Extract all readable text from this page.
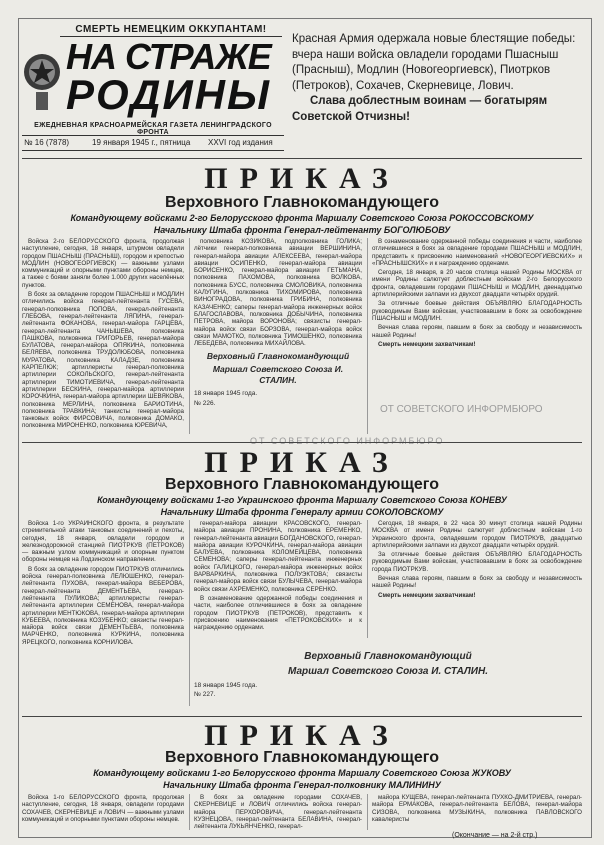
СМЕРТЬ НЕМЕЦКИМ ОККУПАНТАМ!
НА СТРАЖЕ
РОДИНЫ
ЕЖЕДНЕВНАЯ КРАСНОАРМЕЙСКАЯ ГАЗЕТА ЛЕНИНГРАДСКОГО ФРОНТА
№ 16 (7878)	19 января 1945 г., пятница XXVI год издания

Красная Армия одержала новые блестящие победы: вчера наши войска овладели городами Пшасныш (Прасныш), Модлин (Новогеоргиевск), Пиотрков (Петроков), Сохачев, Скерневице, Лович.

Слава доблестным воинам — богатырям Советской Отчизны!

ПРИКАЗ
Верховного Главнокомандующего
Командующему войсками 2-го Белорусского фронта Маршалу Советского Союза РОКОССОВСКОМУ
Начальнику Штаба фронта Генерал-лейтенанту БОГОЛЮБОВУ

Войска 2-го БЕЛОРУССКОГО фронта, продолжая наступление, сегодня, 18 января, штурмом овладели городом ПШАСНЫШ (ПРАСНЫШ), городом и крепостью МОДЛИН (НОВОГЕОРГИЕВСК) — важными узлами коммуникаций и опорными пунктами обороны немцев, а также с боями заняли более 1.000 других населённых пунктов.

В боях за овладение городом ПШАСНЫШ и МОДЛИН отличились войска генерал-лейтенанта ГУСЕВА, генерал-полковника ПОПОВА, генерал-лейтенанта ГЛЕБОВА, генерал-лейтенанта ЛЯПИНА, генерал-лейтенанта ФОКАНОВА, генерал-майора ГАРЦЕВА, генерал-лейтенанта ЧАНЫШЕВА, полковника ПАШКОВА, полковника ГРИГОРЬЕВ, генерал-майора БУЛАТОВА, генерал-майора ОПЯКИНА, полковника БЕЛЯЕВА, полковника ТРУДОЛЮБОВА, полковника МУРАТОВА, полковника КАЛАДЗЕ, полковника КАРПЕЛЮК; артиллеристы генерал-полковника артиллерии СОКОЛЬСКОГО, генерал-лейтенанта артиллерии ТИМОТИЕВИЧА, генерал-лейтенанта артиллерии БЕСКИНА, генерал-майора артиллерии КОРОЧКИНА, генерал-майора артиллерии ШЕВЯКОВА, полковника МЕРЛИНА, полковника БАРИОТИНА, полковника ТРАВКИНА; танкисты генерал-майора танковых войск ФИРСОВИЧА, полковника ДОМАКО, полковника МИРОНЕНКО, полковника ЮРЕВИЧА,

полковника КОЗИКОВА, подполковника ГОЛИКА; лётчики генерал-полковника авиации ВЕРШИНИНА, генерал-майора авиации АЛЕКСЕЕВА, генерал-майора авиации ОСИПЕНКО, генерал-майора авиации БОРИСЕНКО, генерал-майора авиации ГЕТЬМАНА, полковника ПАХОМОВА, полковника ВОЛКОВА, полковника БУСС, полковника СМОЛОВИКА, полковника КАЛУГИНА, полковника ТИХОМИРОВА, полковника ВИНОГРАДОВА, полковника ГРИБИНА, полковника КАЗАЧЕНКО; саперы генерал-майора инженерных войск БЛАГОСЛАВОВА, полковника ДОБЫЧИНА, полковника ПЕТРОВА, майора ВОРОНОВА; связисты генерал-майора войск связи БОРЗОВА, генерал-майора войск связи МАМОТКО, полковника ТИМОШЕНКО, полковника ЛЕБЕДЕВА, полковника МИХАЙЛОВА.

Верховный Главнокомандующий

Маршал Советского Союза И. СТАЛИН.

18 января 1945 года.

№ 226.

В ознаменование одержанной победы соединения и части, наиболее отличившиеся в боях за овладение городами ПШАСНЫШ и МОДЛИН, представить к присвоению наименований «НОВОГЕОРГИЕВСКИХ» и «ПРАСНЫШСКИХ» и к награждению орденами.

Сегодня, 18 января, в 20 часов столица нашей Родины МОСКВА от имени Родины салютует доблестным войскам 2-го Белорусского фронта, овладевшим городами ПШАСНЫШ и МОДЛИН, двенадцатью артиллерийскими залпами из двухсот двадцати четырёх орудий.

За отличные боевые действия ОБЪЯВЛЯЮ БЛАГОДАРНОСТЬ руководимым Вами войскам, участвовавшим в боях за освобождение ПШАСНЫШ и МОДЛИН.

Вечная слава героям, павшим в боях за свободу и независимость нашей Родины!

Смерть немецким захватчикам!

ОТ СОВЕТСКОГО ИНФОРМБЮРО
ОТ СОВЕТСКОГО ИНФОРМБЮРО
ПРИКАЗ
Верховного Главнокомандующего
Командующему войсками 1-го Украинского фронта Маршалу Советского Союза КОНЕВУ
Начальнику Штаба фронта Генералу армии СОКОЛОВСКОМУ

Войска 1-го УКРАИНСКОГО фронта, в результате стремительной атаки танковых соединений и пехоты, сегодня, 18 января, овладели городом и железнодорожной станцией ПИОТРКУВ (ПЕТРОКОВ) — важным узлом коммуникаций и опорным пунктом обороны немцев на Лодзинском направлении.

В боях за овладение городом ПИОТРКУВ отличились войска генерал-полковника ЛЕЛЮШЕНКО, генерал-лейтенанта ПУХОВА, генерал-майора ВЕБЕРОВА, генерал-лейтенанта ДЕМЕНТЬЕВА, генерал-лейтенанта ПУЛИКОВА; артиллеристы генерал-лейтенанта артиллерии СЕМЕНОВА, генерал-майора артиллерии МЕНТЮКОВА, генерал-майора артиллерии КУБЕЕВА, полковника КОЗУБЕНКО; связисты генерал-майора войск связи ДЕМЕНТЬЕВА, полковника МАРЧЕНКО, полковника КУРКИНА, полковника ЯРЕЦКОГО, полковника КОРНИЛОВА.

генерал-майора авиации КРАСОВСКОГО, генерал-майора авиации ПРОНИНА, полковника ЕРЕМЕНКО, генерал-лейтенанта авиации БОГДАНОВСКОГО, генерал-майора авиации КУРОЧКИНА, генерал-майора авиации БАЛУЕВА, полковника КОЛОМЕЙЦЕВА, полковника СЕМЕНОВА; саперы генерал-лейтенанта инженерных войск ГАЛИЦКОГО, генерал-майора инженерных войск ВАРВАРКИНА, полковника ПОЛУЭКТОВА; связисты генерал-майора войск связи БУЛЫЧЕВА, генерал-майора войск связи АХРЕМЕНКО, полковника СЕРЕНКО.

В ознаменование одержанной победы соединения и части, наиболее отличившиеся в боях за овладение городом ПИОТРКУВ (ПЕТРОКОВ), представить к присвоению наименования «ПЕТРОКОВСКИХ» и к награждению орденами.

Сегодня, 18 января, в 22 часа 30 минут столица нашей Родины МОСКВА от имени Родины салютует доблестным войскам 1-го Украинского фронта, овладевшим городом ПИОТРКУВ, двадцатью артиллерийскими залпами из двухсот двадцати четырёх орудий.

За отличные боевые действия ОБЪЯВЛЯЮ БЛАГОДАРНОСТЬ руководимым Вами войскам, участвовавшим в боях за освобождение города ПИОТРКУВ.

Вечная слава героям, павшим в боях за свободу и независимость нашей Родины!

Смерть немецким захватчикам!

Верховный Главнокомандующий

Маршал Советского Союза И. СТАЛИН.

18 января 1945 года.

№ 227.

ПРИКАЗ
Верховного Главнокомандующего
Командующему войсками 1-го Белорусского фронта Маршалу Советского Союза ЖУКОВУ
Начальнику Штаба фронта Генерал-полковнику МАЛИНИНУ

Войска 1-го БЕЛОРУССКОГО фронта, продолжая наступление, сегодня, 18 января, овладели городами СОХАЧЕВ, СКЕРНЕВИЦЕ и ЛОВИЧ — важными узлами коммуникаций и опорными пунктами обороны немцев.

В боях за овладение городами СОХАЧЕВ, СКЕРНЕВИЦЕ и ЛОВИЧ отличились войска генерал-майора ПЕРХОРОВИЧА, генерал-лейтенанта КУЗНЕЦОВА, генерал-лейтенанта БЕЛАВИНА, генерал-лейтенанта ЛУКЬЯНЧЕНКО, генерал-

майора КУЩЕВА, генерал-лейтенанта ПУХКО-ДМИТРИЕВА, генерал-майора ЕРМАКОВА, генерал-лейтенанта БЕЛОВА, генерал-майора СИЗОВА, полковника МУЗЫКИНА, полковника ПАВЛОВСКОГО кавалеристы

(Окончание — на 2-й стр.)
